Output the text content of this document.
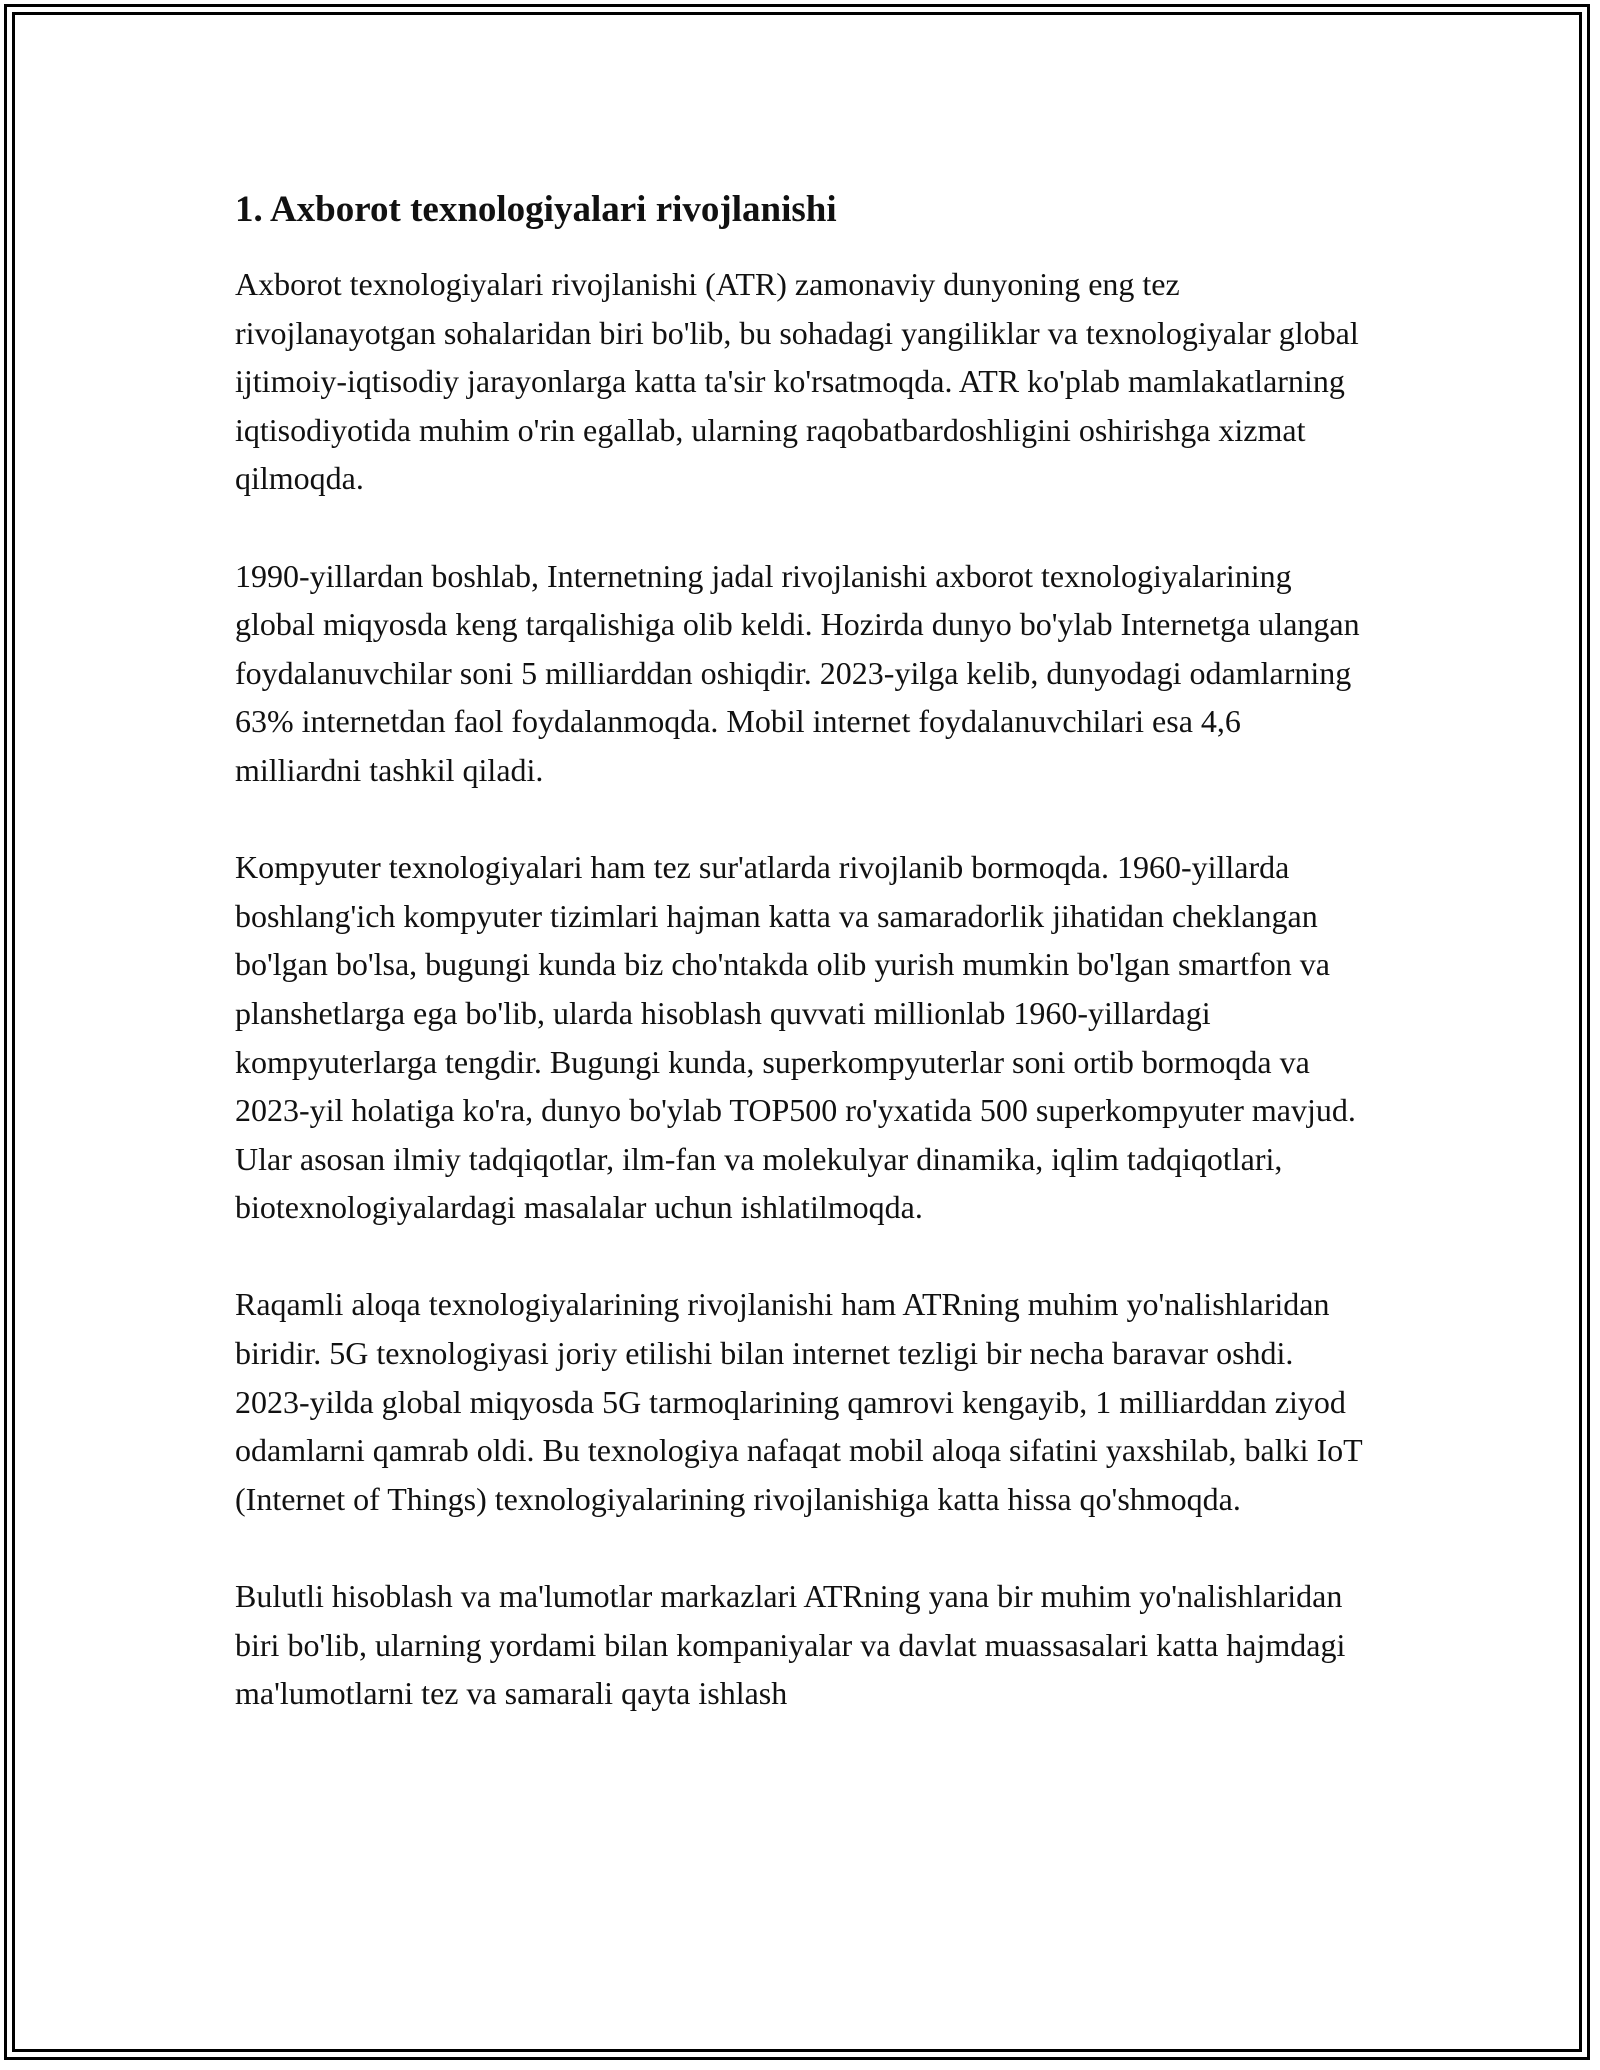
1. Axborot texnologiyalari rivojlanishi

Axborot texnologiyalari rivojlanishi (ATR) zamonaviy dunyoning eng tez rivojlanayotgan sohalaridan biri bo'lib, bu sohadagi yangiliklar va texnologiyalar global ijtimoiy-iqtisodiy jarayonlarga katta ta'sir ko'rsatmoqda. ATR ko'plab mamlakatlarning iqtisodiyotida muhim o'rin egallab, ularning raqobatbardoshligini oshirishga xizmat qilmoqda.

1990-yillardan boshlab, Internetning jadal rivojlanishi axborot texnologiyalarining global miqyosda keng tarqalishiga olib keldi. Hozirda dunyo bo'ylab Internetga ulangan foydalanuvchilar soni 5 milliarddan oshiqdir. 2023-yilga kelib, dunyodagi odamlarning 63% internetdan faol foydalanmoqda. Mobil internet foydalanuvchilari esa 4,6 milliardni tashkil qiladi.

Kompyuter texnologiyalari ham tez sur'atlarda rivojlanib bormoqda. 1960-yillarda boshlang'ich kompyuter tizimlari hajman katta va samaradorlik jihatidan cheklangan bo'lgan bo'lsa, bugungi kunda biz cho'ntakda olib yurish mumkin bo'lgan smartfon va planshetlarga ega bo'lib, ularda hisoblash quvvati millionlab 1960-yillardagi kompyuterlarga tengdir. Bugungi kunda, superkompyuterlar soni ortib bormoqda va 2023-yil holatiga ko'ra, dunyo bo'ylab TOP500 ro'yxatida 500 superkompyuter mavjud. Ular asosan ilmiy tadqiqotlar, ilm-fan va molekulyar dinamika, iqlim tadqiqotlari, biotexnologiyalardagi masalalar uchun ishlatilmoqda.

Raqamli aloqa texnologiyalarining rivojlanishi ham ATRning muhim yo'nalishlaridan biridir. 5G texnologiyasi joriy etilishi bilan internet tezligi bir necha baravar oshdi. 2023-yilda global miqyosda 5G tarmoqlarining qamrovi kengayib, 1 milliarddan ziyod odamlarni qamrab oldi. Bu texnologiya nafaqat mobil aloqa sifatini yaxshilab, balki IoT (Internet of Things) texnologiyalarining rivojlanishiga katta hissa qo'shmoqda.

Bulutli hisoblash va ma'lumotlar markazlari ATRning yana bir muhim yo'nalishlaridan biri bo'lib, ularning yordami bilan kompaniyalar va davlat muassasalari katta hajmdagi ma'lumotlarni tez va samarali qayta ishlash
